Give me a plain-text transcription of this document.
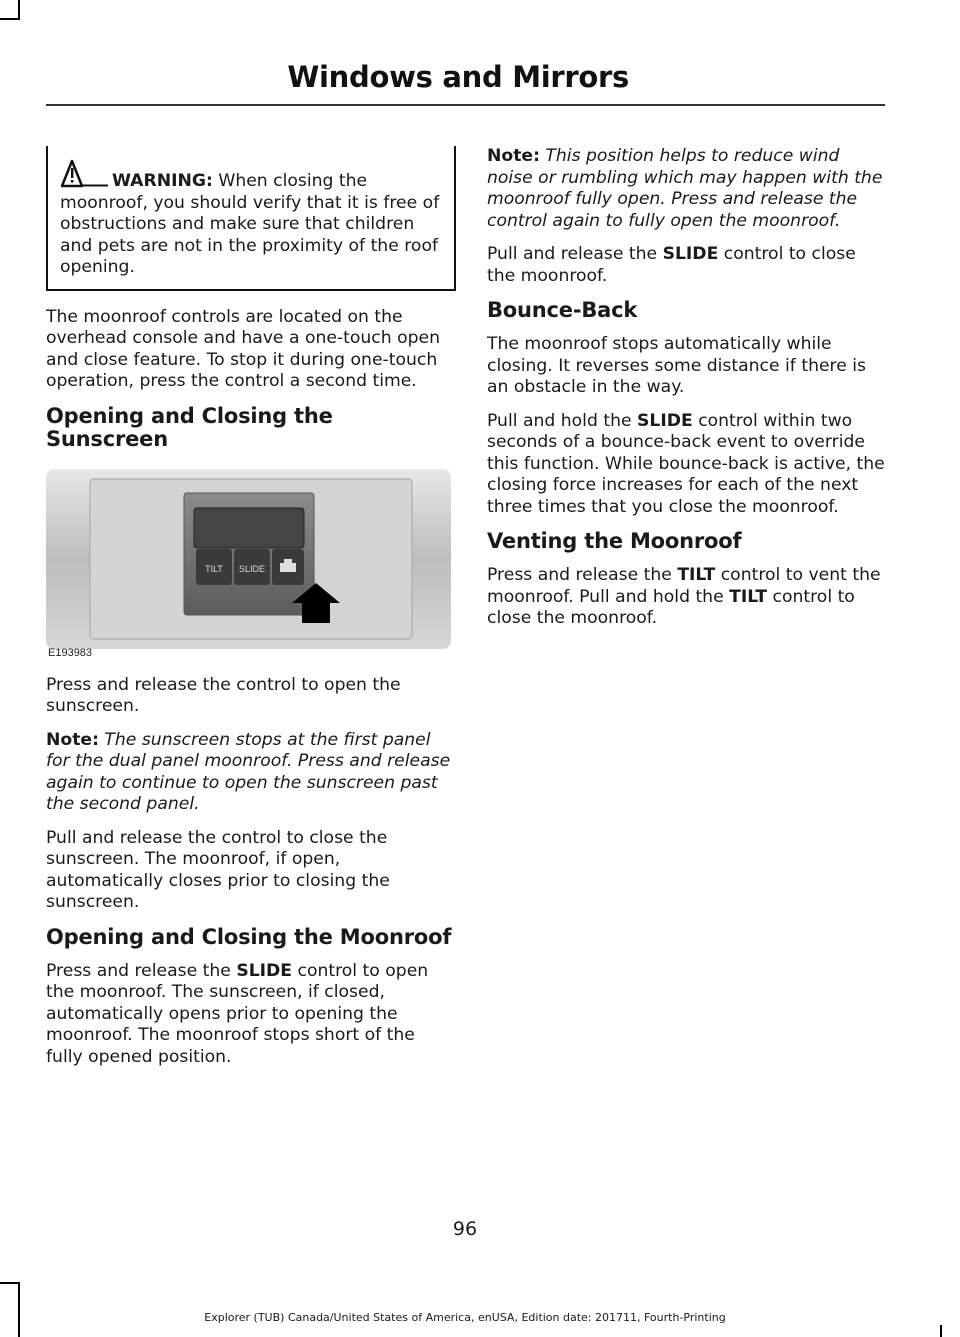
Windows and Mirrors

WARNING: When closing the moonroof, you should verify that it is free of obstructions and make sure that children and pets are not in the proximity of the roof opening.

The moonroof controls are located on the overhead console and have a one-touch open and close feature. To stop it during one-touch operation, press the control a second time.

Opening and Closing the Sunscreen
TILT SLIDE
E193983

Press and release the control to open the sunscreen.

Note: The sunscreen stops at the first panel for the dual panel moonroof. Press and release again to continue to open the sunscreen past the second panel.

Pull and release the control to close the sunscreen. The moonroof, if open, automatically closes prior to closing the sunscreen.

Opening and Closing the Moonroof

Press and release the SLIDE control to open the moonroof. The sunscreen, if closed, automatically opens prior to opening the moonroof. The moonroof stops short of the fully opened position.

Note: This position helps to reduce wind noise or rumbling which may happen with the moonroof fully open. Press and release the control again to fully open the moonroof.

Pull and release the SLIDE control to close the moonroof.

Bounce-Back

The moonroof stops automatically while closing. It reverses some distance if there is an obstacle in the way.

Pull and hold the SLIDE control within two seconds of a bounce-back event to override this function. While bounce-back is active, the closing force increases for each of the next three times that you close the moonroof.

Venting the Moonroof

Press and release the TILT control to vent the moonroof. Pull and hold the TILT control to close the moonroof.

96
Explorer (TUB) Canada/United States of America, enUSA, Edition date: 201711, Fourth-Printing
